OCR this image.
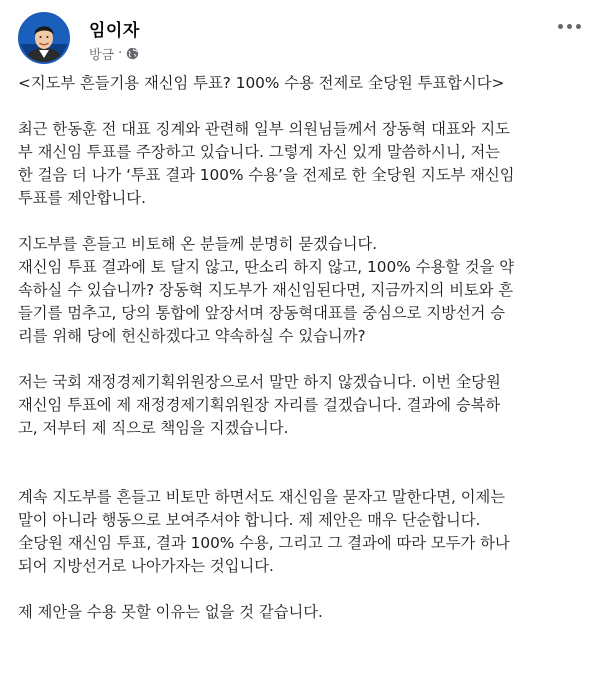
임이자
방금 ·

<지도부 흔들기용 재신임 투표? 100% 수용 전제로 全당원 투표합시다>

최근 한동훈 전 대표 징계와 관련해 일부 의원님들께서 장동혁 대표와 지도
부 재신임 투표를 주장하고 있습니다. 그렇게 자신 있게 말씀하시니, 저는
한 걸음 더 나가 ‘투표 결과 100% 수용’을 전제로 한 全당원 지도부 재신임
투표를 제안합니다.

지도부를 흔들고 비토해 온 분들께 분명히 묻겠습니다.
재신임 투표 결과에 토 달지 않고, 딴소리 하지 않고, 100% 수용할 것을 약
속하실 수 있습니까? 장동혁 지도부가 재신임된다면, 지금까지의 비토와 흔
들기를 멈추고, 당의 통합에 앞장서며 장동혁대표를 중심으로 지방선거 승
리를 위해 당에 헌신하겠다고 약속하실 수 있습니까?

저는 국회 재정경제기획위원장으로서 말만 하지 않겠습니다. 이번 全당원
재신임 투표에 제 재정경제기획위원장 자리를 걸겠습니다. 결과에 승복하
고, 저부터 제 직으로 책임을 지겠습니다.

계속 지도부를 흔들고 비토만 하면서도 재신임을 묻자고 말한다면, 이제는
말이 아니라 행동으로 보여주셔야 합니다. 제 제안은 매우 단순합니다.
全당원 재신임 투표, 결과 100% 수용, 그리고 그 결과에 따라 모두가 하나
되어 지방선거로 나아가자는 것입니다.

제 제안을 수용 못할 이유는 없을 것 같습니다.
